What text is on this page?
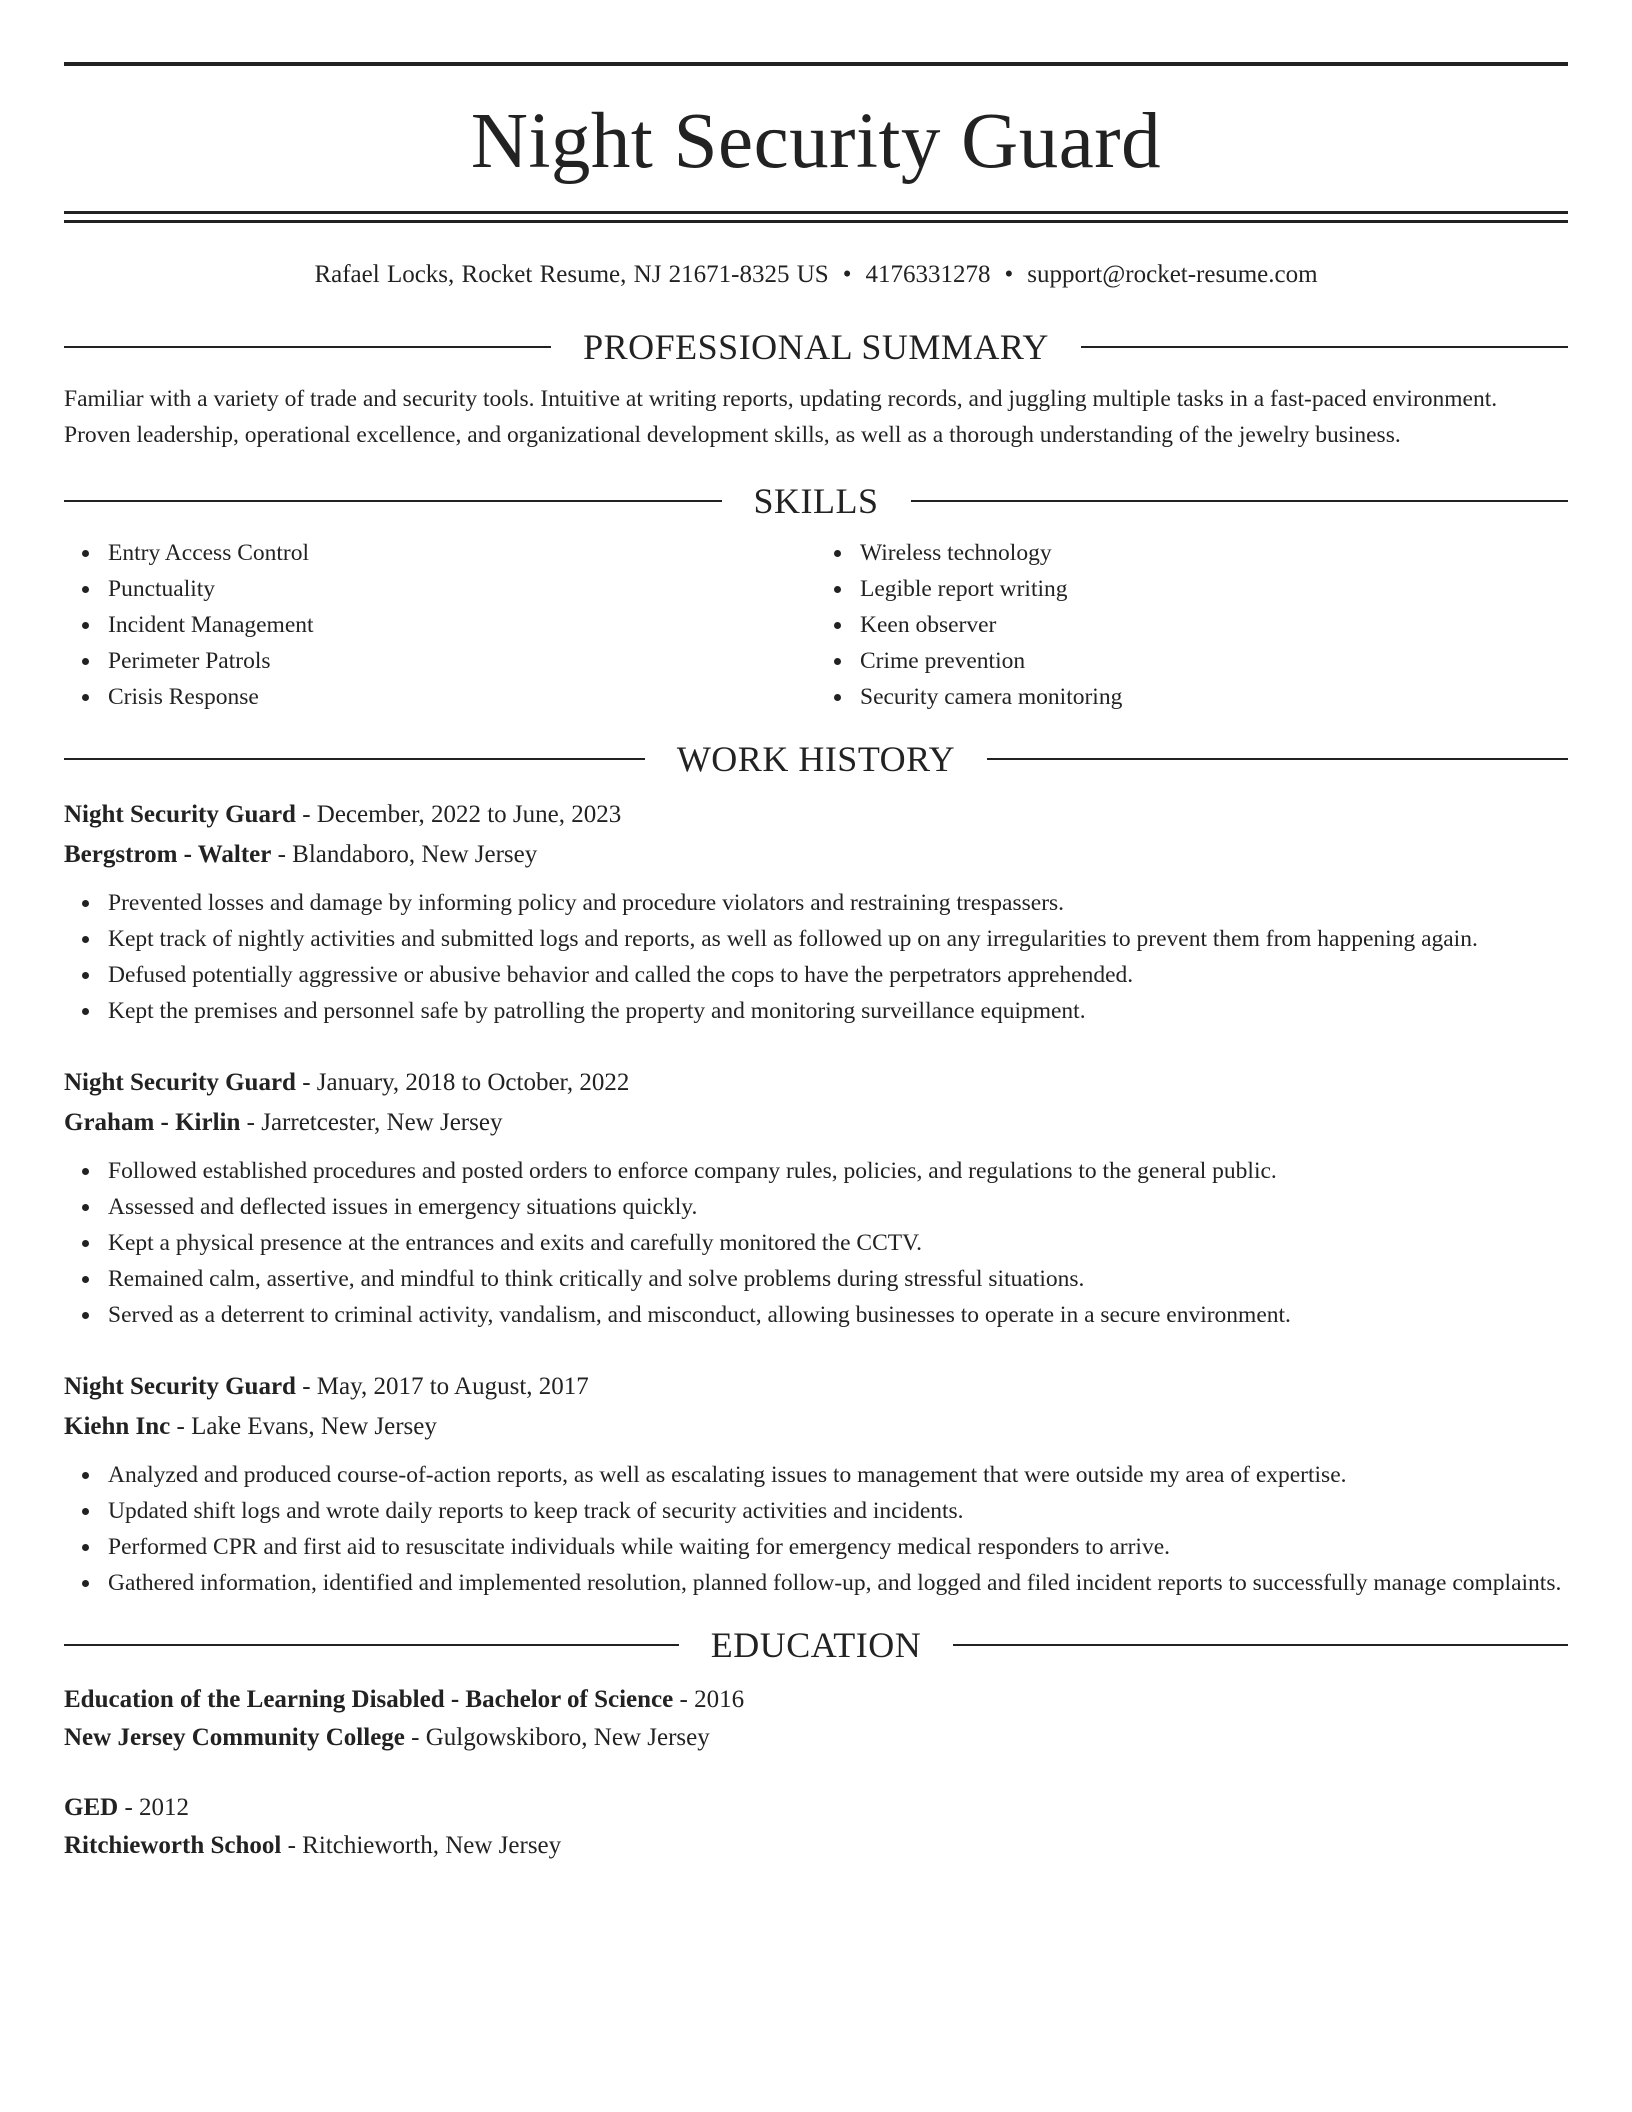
Night Security Guard
Rafael Locks, Rocket Resume, NJ 21671-8325 US • 4176331278 • support@rocket-resume.com
PROFESSIONAL SUMMARY

Familiar with a variety of trade and security tools. Intuitive at writing reports, updating records, and juggling multiple tasks in a fast-paced environment. Proven leadership, operational excellence, and organizational development skills, as well as a thorough understanding of the jewelry business.

SKILLS
Entry Access Control
Punctuality
Incident Management
Perimeter Patrols
Crisis Response
Wireless technology
Legible report writing
Keen observer
Crime prevention
Security camera monitoring
WORK HISTORY
Night Security Guard - December, 2022 to June, 2023
Bergstrom - Walter - Blandaboro, New Jersey
Prevented losses and damage by informing policy and procedure violators and restraining trespassers.
Kept track of nightly activities and submitted logs and reports, as well as followed up on any irregularities to prevent them from happening again.
Defused potentially aggressive or abusive behavior and called the cops to have the perpetrators apprehended.
Kept the premises and personnel safe by patrolling the property and monitoring surveillance equipment.
Night Security Guard - January, 2018 to October, 2022
Graham - Kirlin - Jarretcester, New Jersey
Followed established procedures and posted orders to enforce company rules, policies, and regulations to the general public.
Assessed and deflected issues in emergency situations quickly.
Kept a physical presence at the entrances and exits and carefully monitored the CCTV.
Remained calm, assertive, and mindful to think critically and solve problems during stressful situations.
Served as a deterrent to criminal activity, vandalism, and misconduct, allowing businesses to operate in a secure environment.
Night Security Guard - May, 2017 to August, 2017
Kiehn Inc - Lake Evans, New Jersey
Analyzed and produced course-of-action reports, as well as escalating issues to management that were outside my area of expertise.
Updated shift logs and wrote daily reports to keep track of security activities and incidents.
Performed CPR and first aid to resuscitate individuals while waiting for emergency medical responders to arrive.
Gathered information, identified and implemented resolution, planned follow-up, and logged and filed incident reports to successfully manage complaints.
EDUCATION
Education of the Learning Disabled - Bachelor of Science - 2016
New Jersey Community College - Gulgowskiboro, New Jersey
GED - 2012
Ritchieworth School - Ritchieworth, New Jersey
